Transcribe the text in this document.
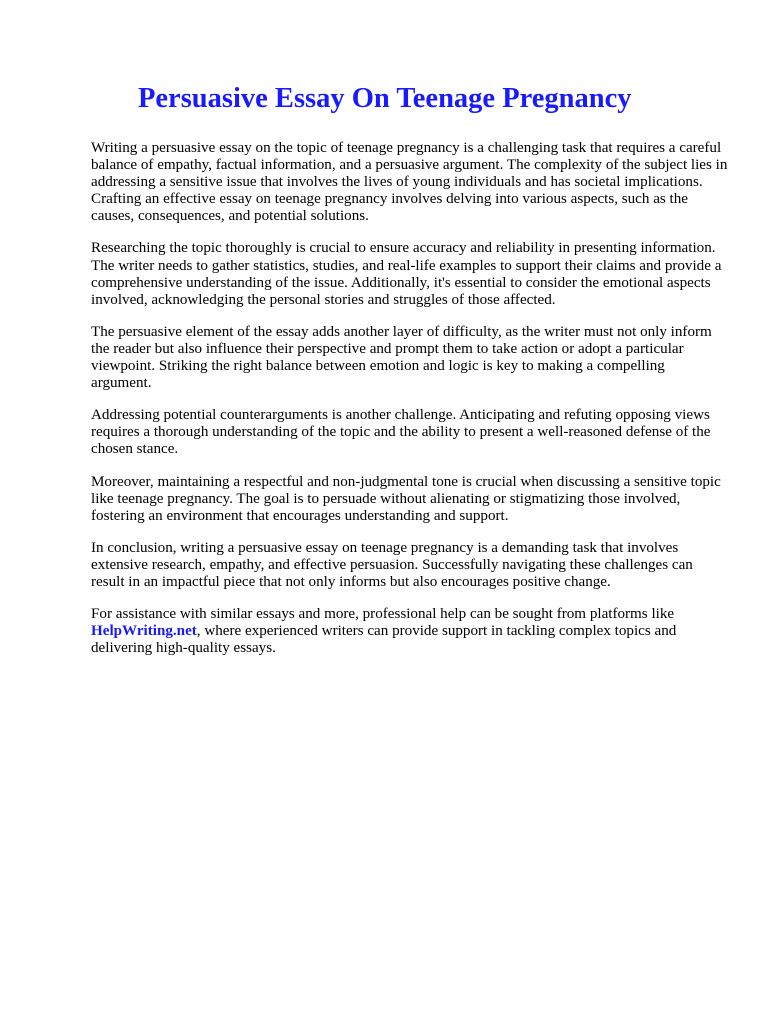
Persuasive Essay On Teenage Pregnancy

Writing a persuasive essay on the topic of teenage pregnancy is a challenging task that requires a careful balance of empathy, factual information, and a persuasive argument. The complexity of the subject lies in addressing a sensitive issue that involves the lives of young individuals and has societal implications. Crafting an effective essay on teenage pregnancy involves delving into various aspects, such as the causes, consequences, and potential solutions.

Researching the topic thoroughly is crucial to ensure accuracy and reliability in presenting information. The writer needs to gather statistics, studies, and real-life examples to support their claims and provide a comprehensive understanding of the issue. Additionally, it's essential to consider the emotional aspects involved, acknowledging the personal stories and struggles of those affected.

The persuasive element of the essay adds another layer of difficulty, as the writer must not only inform the reader but also influence their perspective and prompt them to take action or adopt a particular viewpoint. Striking the right balance between emotion and logic is key to making a compelling argument.

Addressing potential counterarguments is another challenge. Anticipating and refuting opposing views requires a thorough understanding of the topic and the ability to present a well-reasoned defense of the chosen stance.

Moreover, maintaining a respectful and non-judgmental tone is crucial when discussing a sensitive topic like teenage pregnancy. The goal is to persuade without alienating or stigmatizing those involved, fostering an environment that encourages understanding and support.

In conclusion, writing a persuasive essay on teenage pregnancy is a demanding task that involves extensive research, empathy, and effective persuasion. Successfully navigating these challenges can result in an impactful piece that not only informs but also encourages positive change.

For assistance with similar essays and more, professional help can be sought from platforms like HelpWriting.net, where experienced writers can provide support in tackling complex topics and delivering high-quality essays.
